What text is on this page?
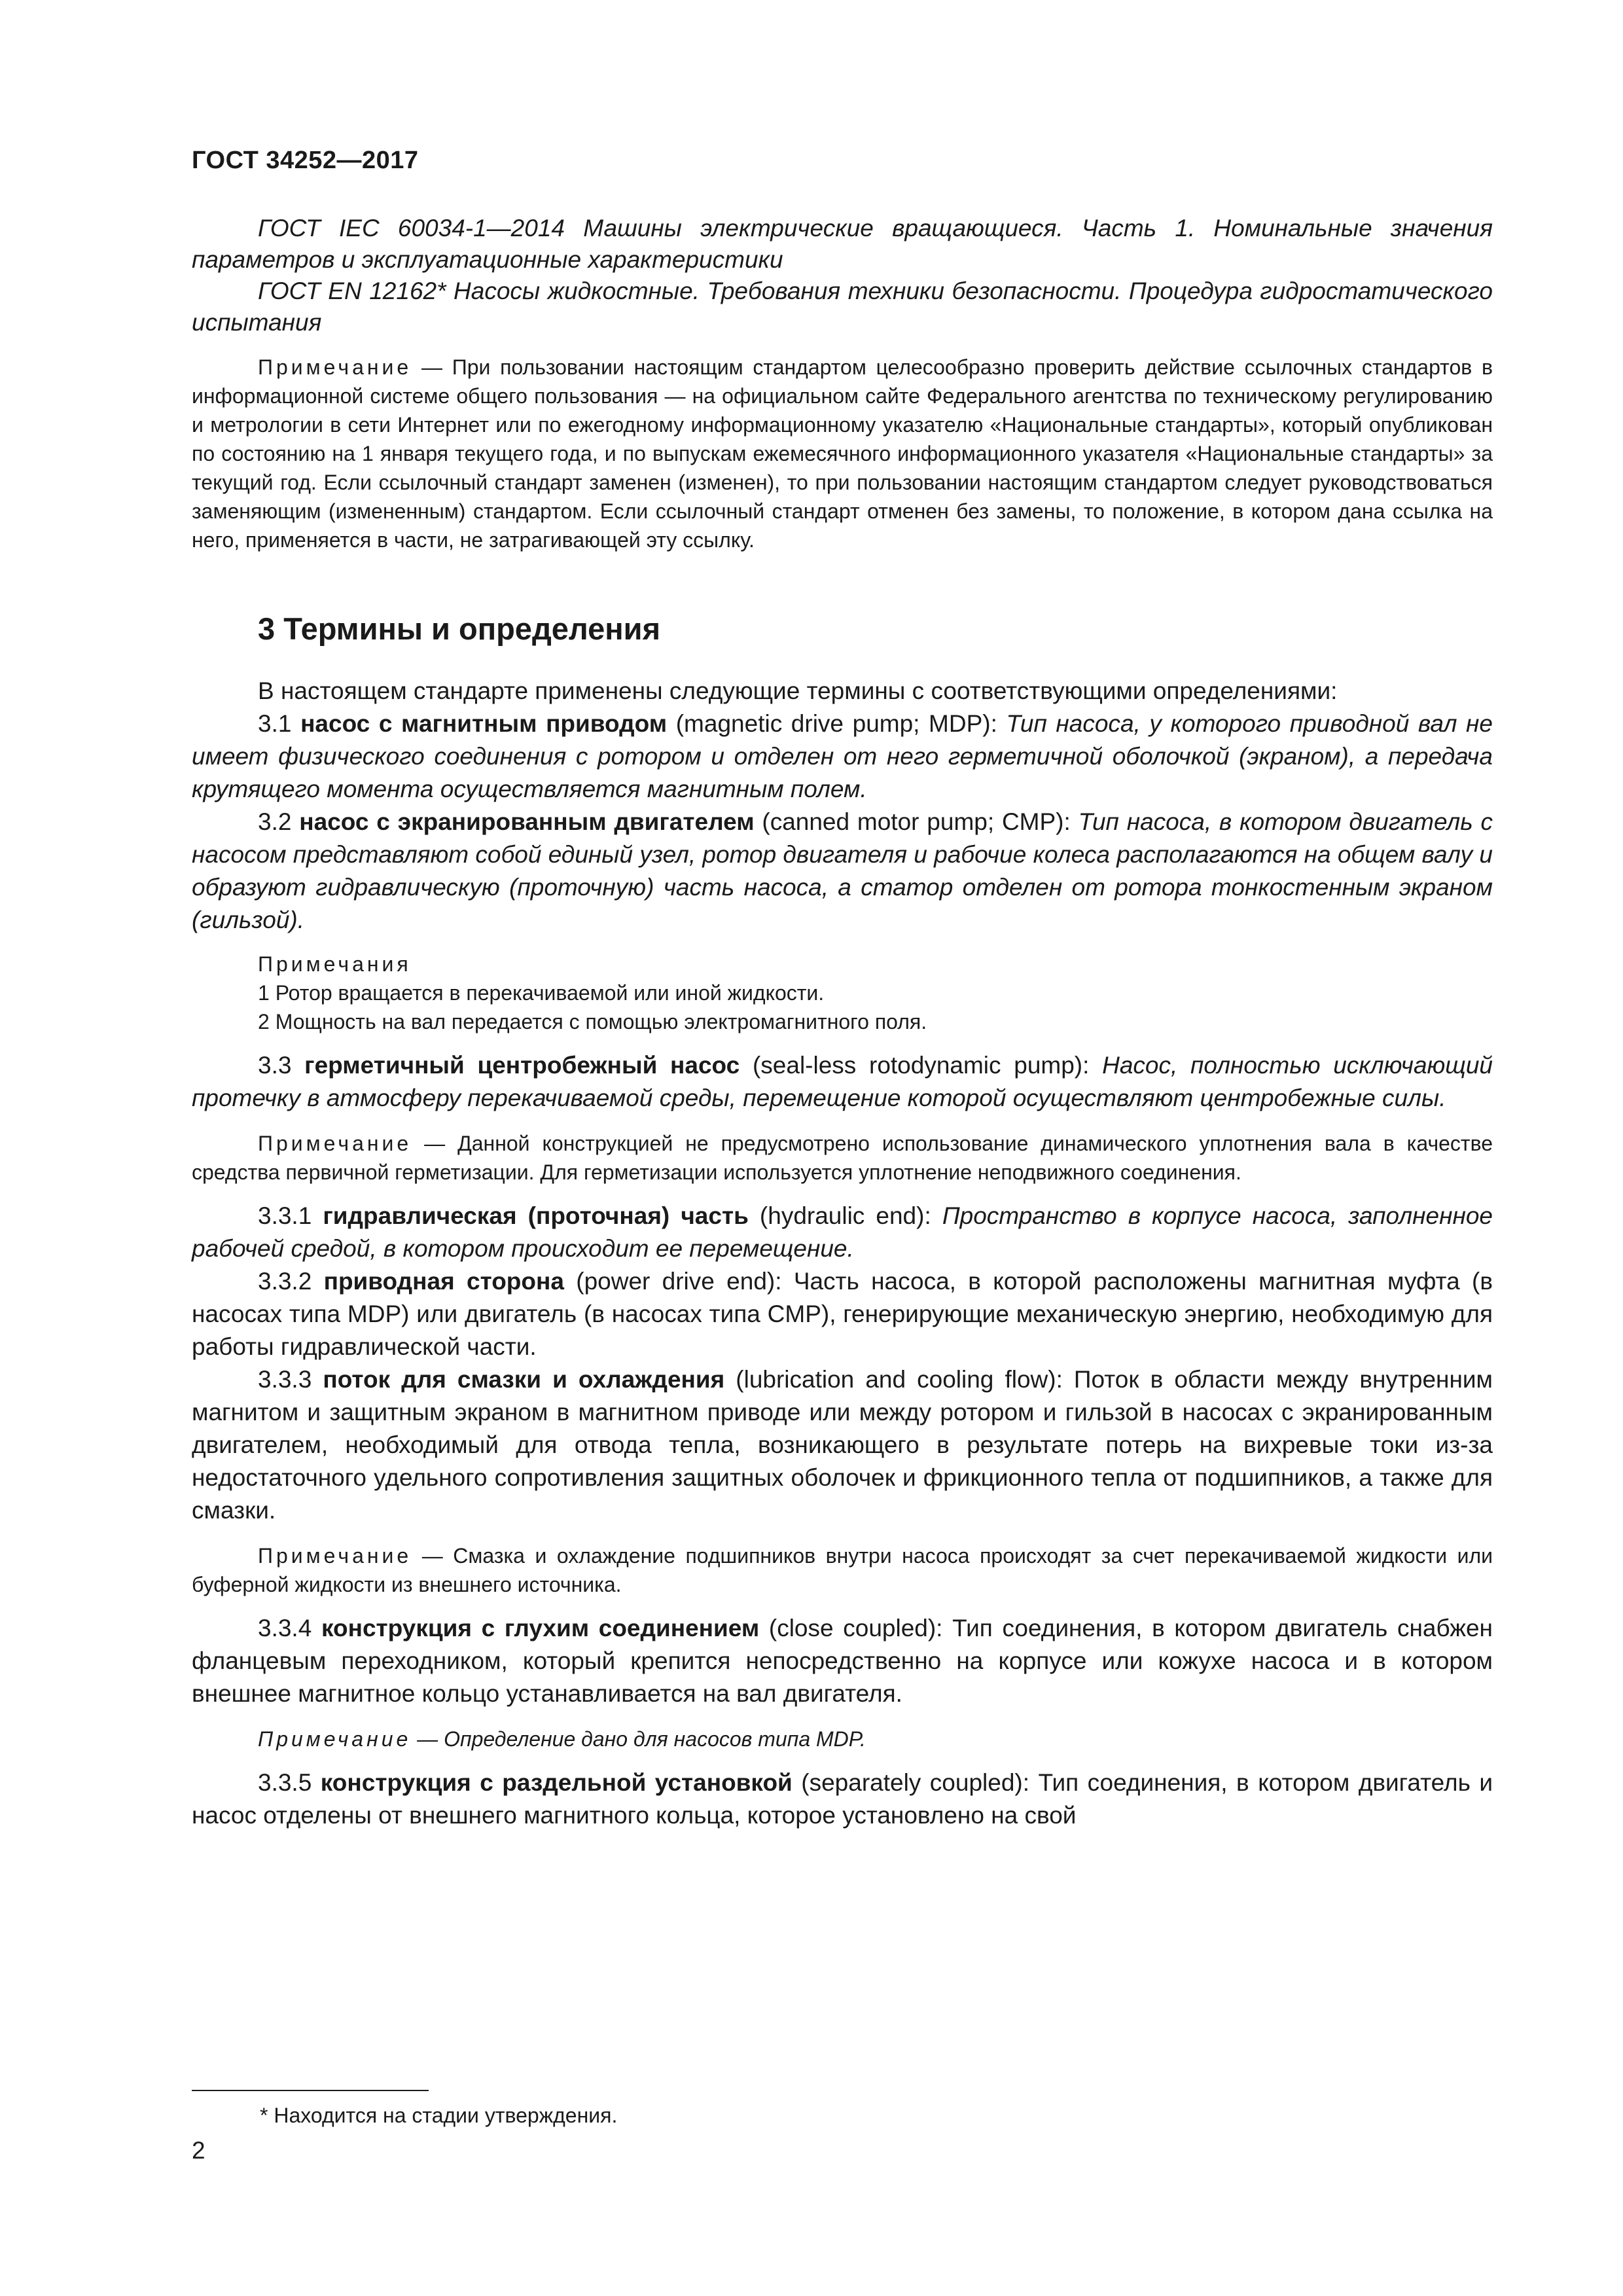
ГОСТ 34252—2017

ГОСТ IEC 60034-1—2014 Машины электрические вращающиеся. Часть 1. Номинальные значения параметров и эксплуатационные характеристики

ГОСТ EN 12162* Насосы жидкостные. Требования техники безопасности. Процедура гидростатического испытания

Примечание — При пользовании настоящим стандартом целесообразно проверить действие ссылочных стандартов в информационной системе общего пользования — на официальном сайте Федерального агентства по техническому регулированию и метрологии в сети Интернет или по ежегодному информационному указателю «Национальные стандарты», который опубликован по состоянию на 1 января текущего года, и по выпускам ежемесячного информационного указателя «Национальные стандарты» за текущий год. Если ссылочный стандарт заменен (изменен), то при пользовании настоящим стандартом следует руководствоваться заменяющим (измененным) стандартом. Если ссылочный стандарт отменен без замены, то положение, в котором дана ссылка на него, применяется в части, не затрагивающей эту ссылку.

3 Термины и определения

В настоящем стандарте применены следующие термины с соответствующими определениями:

3.1 насос с магнитным приводом (magnetic drive pump; MDP): Тип насоса, у которого приводной вал не имеет физического соединения с ротором и отделен от него герметичной оболочкой (экраном), а передача крутящего момента осуществляется магнитным полем.

3.2 насос с экранированным двигателем (canned motor pump; CMP): Тип насоса, в котором двигатель с насосом представляют собой единый узел, ротор двигателя и рабочие колеса располагаются на общем валу и образуют гидравлическую (проточную) часть насоса, а статор отделен от ротора тонкостенным экраном (гильзой).

Примечания
1 Ротор вращается в перекачиваемой или иной жидкости.
2 Мощность на вал передается с помощью электромагнитного поля.

3.3 герметичный центробежный насос (seal-less rotodynamic pump): Насос, полностью исключающий протечку в атмосферу перекачиваемой среды, перемещение которой осуществляют центробежные силы.

Примечание — Данной конструкцией не предусмотрено использование динамического уплотнения вала в качестве средства первичной герметизации. Для герметизации используется уплотнение неподвижного соединения.

3.3.1 гидравлическая (проточная) часть (hydraulic end): Пространство в корпусе насоса, заполненное рабочей средой, в котором происходит ее перемещение.

3.3.2 приводная сторона (power drive end): Часть насоса, в которой расположены магнитная муфта (в насосах типа MDP) или двигатель (в насосах типа CMP), генерирующие механическую энергию, необходимую для работы гидравлической части.

3.3.3 поток для смазки и охлаждения (lubrication and cooling flow): Поток в области между внутренним магнитом и защитным экраном в магнитном приводе или между ротором и гильзой в насосах с экранированным двигателем, необходимый для отвода тепла, возникающего в результате потерь на вихревые токи из-за недостаточного удельного сопротивления защитных оболочек и фрикционного тепла от подшипников, а также для смазки.

Примечание — Смазка и охлаждение подшипников внутри насоса происходят за счет перекачиваемой жидкости или буферной жидкости из внешнего источника.

3.3.4 конструкция с глухим соединением (close coupled): Тип соединения, в котором двигатель снабжен фланцевым переходником, который крепится непосредственно на корпусе или кожухе насоса и в котором внешнее магнитное кольцо устанавливается на вал двигателя.

Примечание — Определение дано для насосов типа MDP.

3.3.5 конструкция с раздельной установкой (separately coupled): Тип соединения, в котором двигатель и насос отделены от внешнего магнитного кольца, которое установлено на свой

* Находится на стадии утверждения.
2
